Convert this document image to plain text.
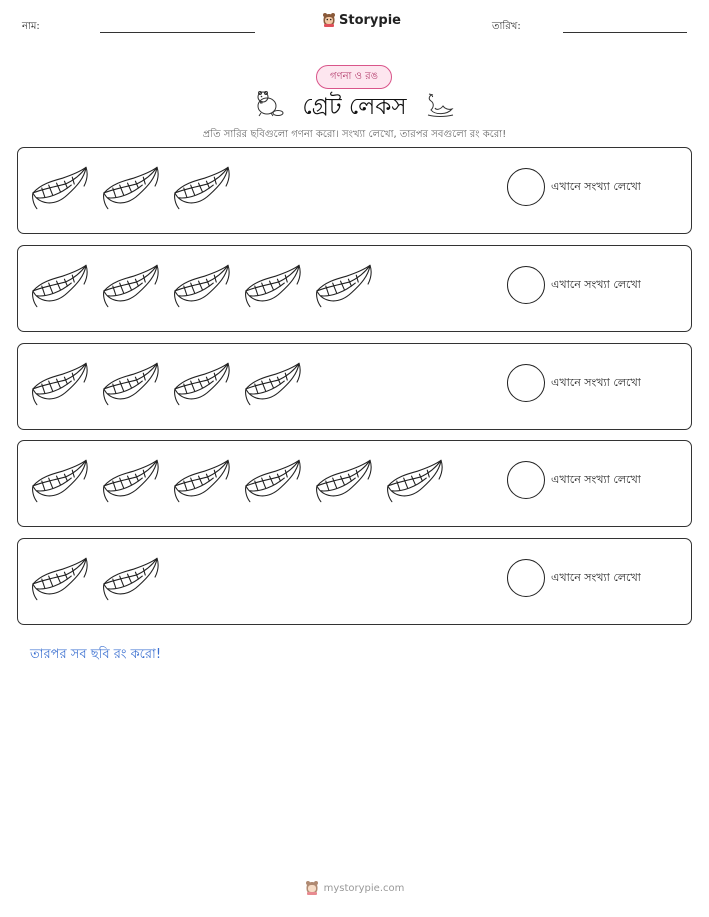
নাম:	Storypie	তারিখ:
গণনা ও রঙ
গ্রেট লেকস
প্রতি সারির ছবিগুলো গণনা করো। সংখ্যা লেখো, তারপর সবগুলো রং করো!
এখানে সংখ্যা লেখো
এখানে সংখ্যা লেখো
এখানে সংখ্যা লেখো
এখানে সংখ্যা লেখো
এখানে সংখ্যা লেখো
তারপর সব ছবি রং করো!
mystorypie.com
